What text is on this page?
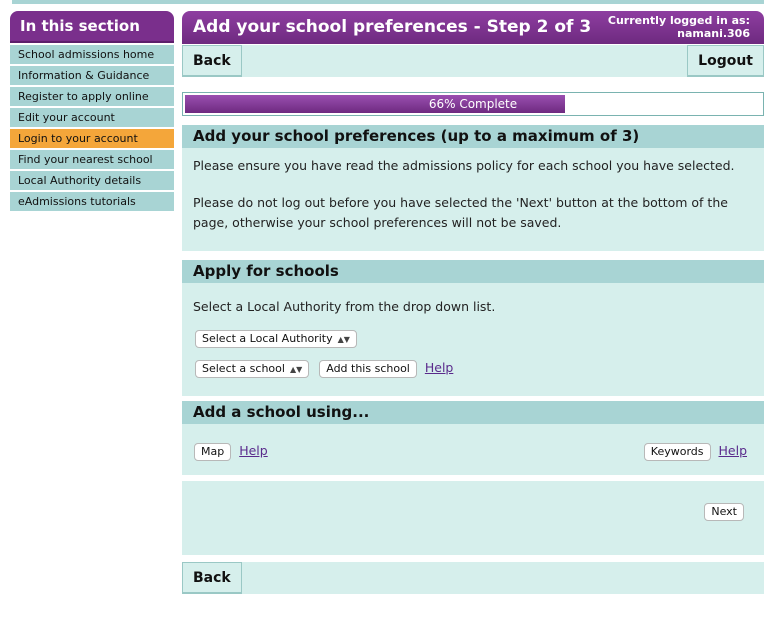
In this section
School admissions home
Information & Guidance
Register to apply online
Edit your account
Login to your account
Find your nearest school
Local Authority details
eAdmissions tutorials
Add your school preferences - Step 2 of 3 Currently logged in as:
namani.306
Back	Logout
66% Complete
Add your school preferences (up to a maximum of 3)

Please ensure you have read the admissions policy for each school you have selected.

Please do not log out before you have selected the 'Next' button at the bottom of the page, otherwise your school preferences will not be saved.

Apply for schools

Select a Local Authority from the drop down list.

Select a Local Authority ▲▼
Select a school ▲▼ Add this school Help
Add a school using...
Map Help	Keywords Help
Next
Back
